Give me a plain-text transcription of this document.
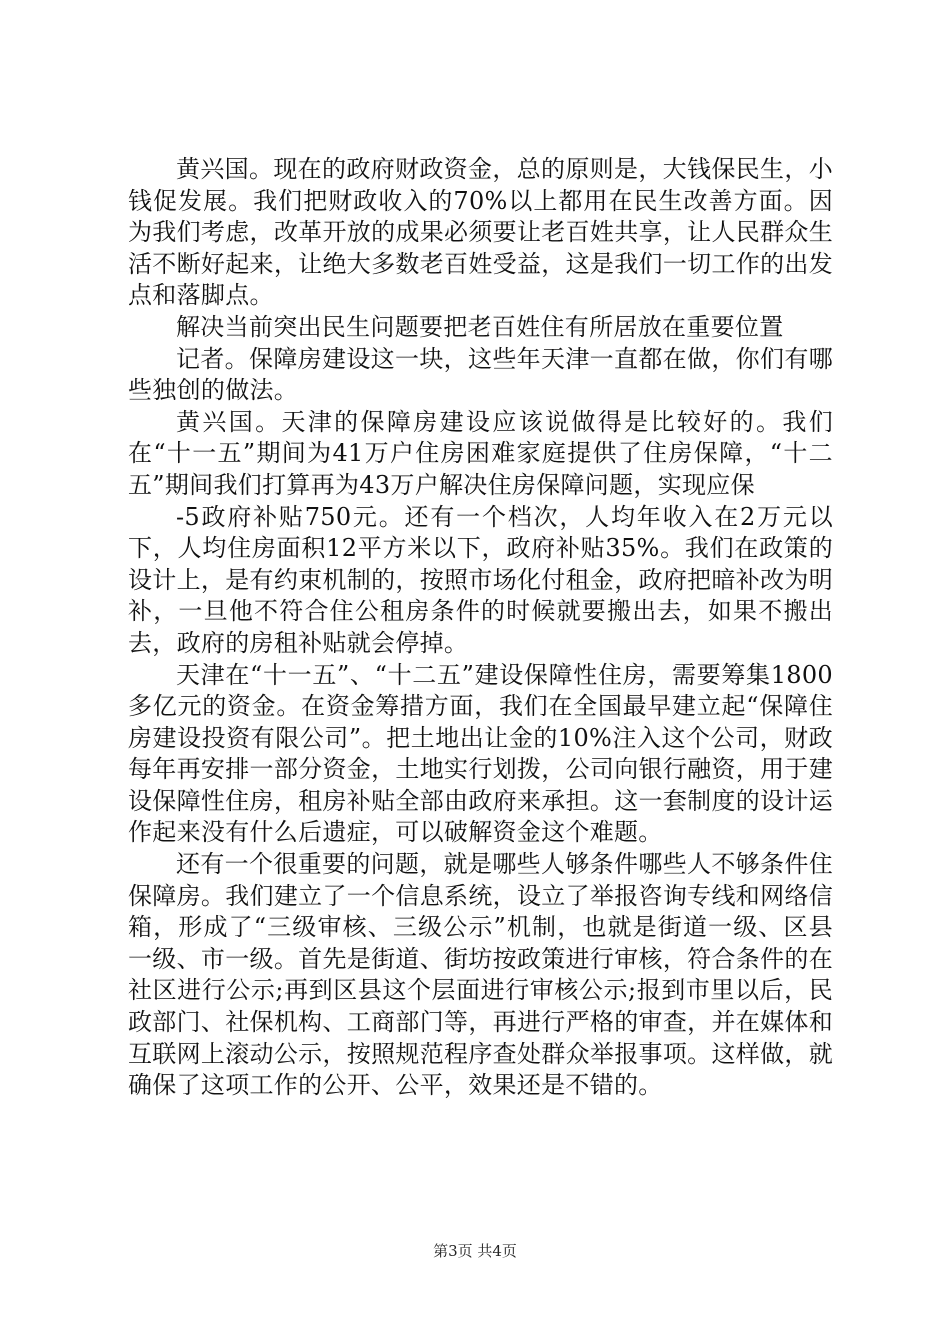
黄兴国。现在的政府财政资金，总的原则是，大钱保民生，小钱促发展。我们把财政收入的70%以上都用在民生改善方面。因为我们考虑，改革开放的成果必须要让老百姓共享，让人民群众生活不断好起来，让绝大多数老百姓受益，这是我们一切工作的出发点和落脚点。

解决当前突出民生问题要把老百姓住有所居放在重要位置

记者。保障房建设这一块，这些年天津一直都在做，你们有哪些独创的做法。

黄兴国。天津的保障房建设应该说做得是比较好的。我们在“十一五”期间为41万户住房困难家庭提供了住房保障，“十二五”期间我们打算再为43万户解决住房保障问题，实现应保

-5政府补贴750元。还有一个档次，人均年收入在2万元以下，人均住房面积12平方米以下，政府补贴35%。我们在政策的设计上，是有约束机制的，按照市场化付租金，政府把暗补改为明补，一旦他不符合住公租房条件的时候就要搬出去，如果不搬出去，政府的房租补贴就会停掉。

天津在“十一五”、“十二五”建设保障性住房，需要筹集1800多亿元的资金。在资金筹措方面，我们在全国最早建立起“保障住房建设投资有限公司”。把土地出让金的10%注入这个公司，财政每年再安排一部分资金，土地实行划拨，公司向银行融资，用于建设保障性住房，租房补贴全部由政府来承担。这一套制度的设计运作起来没有什么后遗症，可以破解资金这个难题。

还有一个很重要的问题，就是哪些人够条件哪些人不够条件住保障房。我们建立了一个信息系统，设立了举报咨询专线和网络信箱，形成了“三级审核、三级公示”机制，也就是街道一级、区县一级、市一级。首先是街道、街坊按政策进行审核，符合条件的在社区进行公示;再到区县这个层面进行审核公示;报到市里以后，民政部门、社保机构、工商部门等，再进行严格的审查，并在媒体和互联网上滚动公示，按照规范程序查处群众举报事项。这样做，就确保了这项工作的公开、公平，效果还是不错的。

第3页 共4页
